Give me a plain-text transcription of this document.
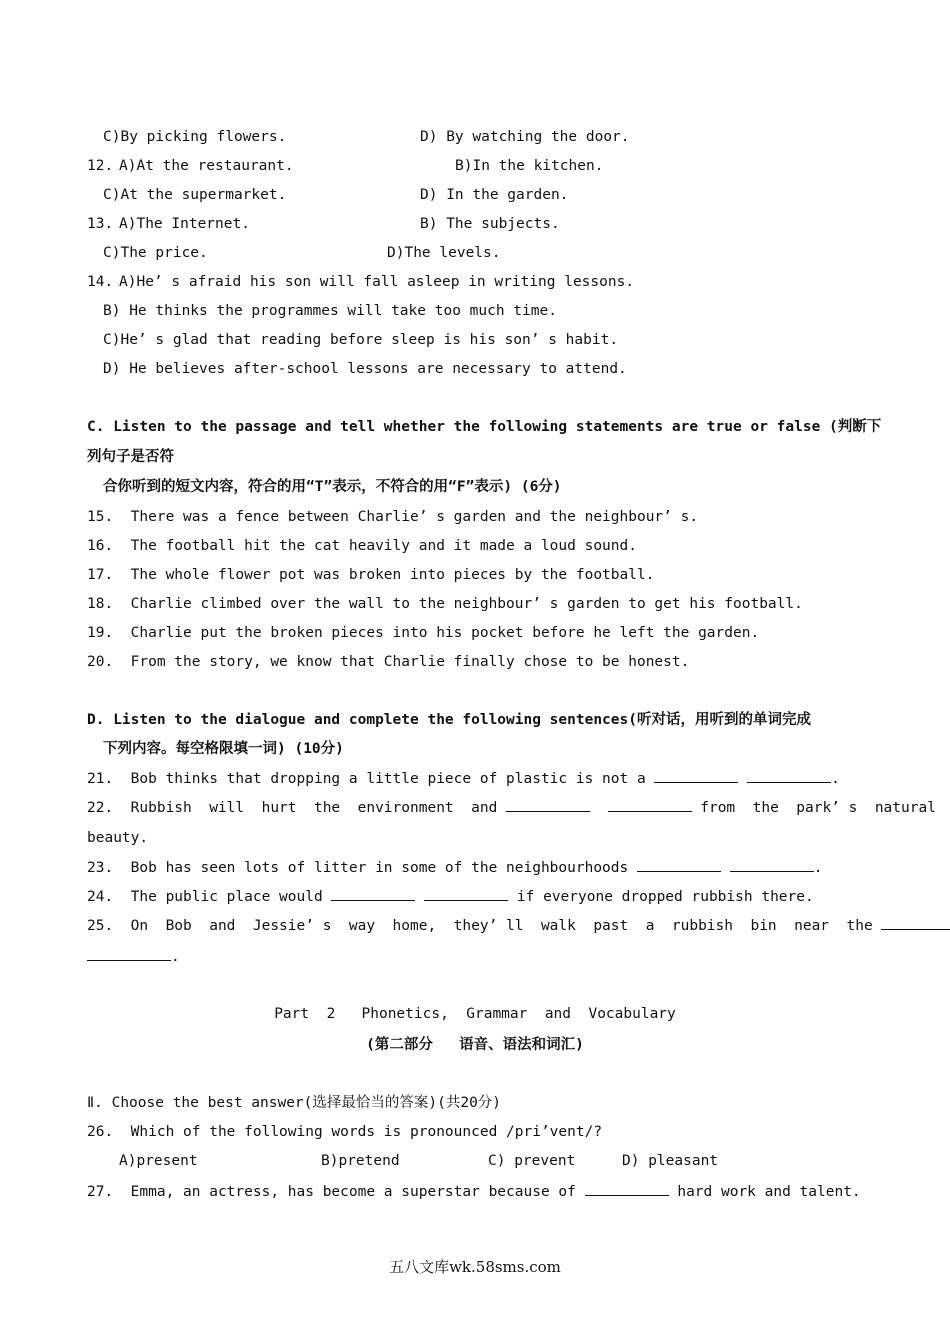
C)By picking flowers.	D) By watching the door.
12. A)At the restaurant.	B)In the kitchen.
C)At the supermarket.	D) In the garden.
13. A)The Internet.	B) The subjects.
C)The price.	D)The levels.
14. A)He’ s afraid his son will fall asleep in writing lessons.
B) He thinks the programmes will take too much time.
C)He’ s glad that reading before sleep is his son’ s habit.
D) He believes after-school lessons are necessary to attend.
C. Listen to the passage and tell whether the following statements are true or false (判断下
列句子是否符
合你听到的短文内容，符合的用“T”表示，不符合的用“F”表示) (6分)
15.  There was a fence between Charlie’ s garden and the neighbour’ s.
16.  The football hit the cat heavily and it made a loud sound.
17.  The whole flower pot was broken into pieces by the football.
18.  Charlie climbed over the wall to the neighbour’ s garden to get his football.
19.  Charlie put the broken pieces into his pocket before he left the garden.
20.  From the story, we know that Charlie finally chose to be honest.
D. Listen to the dialogue and complete the following sentences(听对话，用听到的单词完成
下列内容。每空格限填一词) (10分)
21.  Bob thinks that dropping a little piece of plastic is not a	.
22.  Rubbish  will  hurt  the  environment  and	from  the  park’ s  natural
beauty.
23.  Bob has seen lots of litter in some of the neighbourhoods	.
24.  The public place would	if everyone dropped rubbish there.
25.  On  Bob  and  Jessie’ s  way  home,  they’ ll  walk  past  a  rubbish  bin  near  the
.
Part  2   Phonetics,  Grammar  and  Vocabulary
(第二部分   语音、语法和词汇)
Ⅱ. Choose the best answer(选择最恰当的答案)(共20分)
26.  Which of the following words is pronounced /pri’vent/?
A)present	B)pretend	C) prevent	D) pleasant
27.  Emma, an actress, has become a superstar because of	hard work and talent.
五八文库wk.58sms.com
